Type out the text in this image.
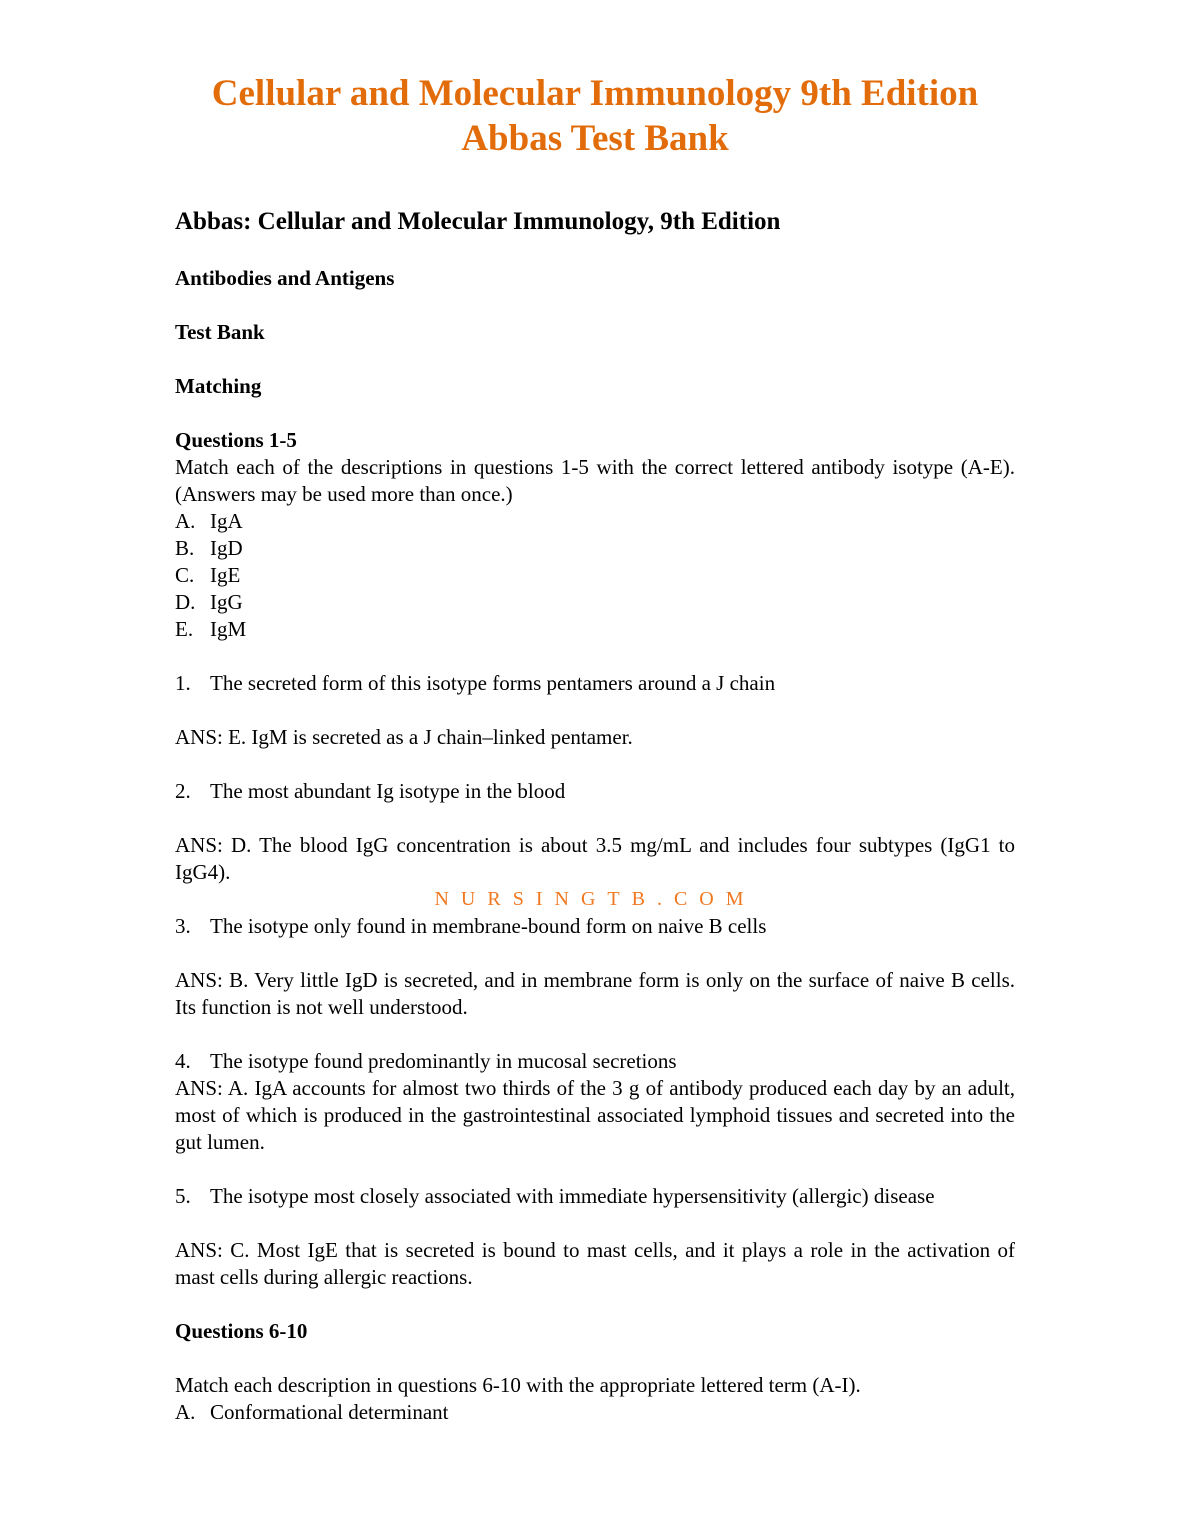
Cellular and Molecular Immunology 9th Edition
Abbas Test Bank
Abbas: Cellular and Molecular Immunology, 9th Edition
Antibodies and Antigens
Test Bank
Matching
Questions 1-5
Match each of the descriptions in questions 1-5 with the correct lettered antibody isotype (A-E). (Answers may be used more than once.)
A. IgA
B. IgD
C. IgE
D. IgG
E. IgM
1. The secreted form of this isotype forms pentamers around a J chain
ANS: E. IgM is secreted as a J chain–linked pentamer.
2. The most abundant Ig isotype in the blood
ANS: D. The blood IgG concentration is about 3.5 mg/mL and includes four subtypes (IgG1 to IgG4).
NURSINGTB.COM
3. The isotype only found in membrane-bound form on naive B cells
ANS: B. Very little IgD is secreted, and in membrane form is only on the surface of naive B cells. Its function is not well understood.
4. The isotype found predominantly in mucosal secretions
ANS: A. IgA accounts for almost two thirds of the 3 g of antibody produced each day by an adult, most of which is produced in the gastrointestinal associated lymphoid tissues and secreted into the gut lumen.
5. The isotype most closely associated with immediate hypersensitivity (allergic) disease
ANS: C. Most IgE that is secreted is bound to mast cells, and it plays a role in the activation of mast cells during allergic reactions.
Questions 6-10
Match each description in questions 6-10 with the appropriate lettered term (A-I).
A. Conformational determinant
